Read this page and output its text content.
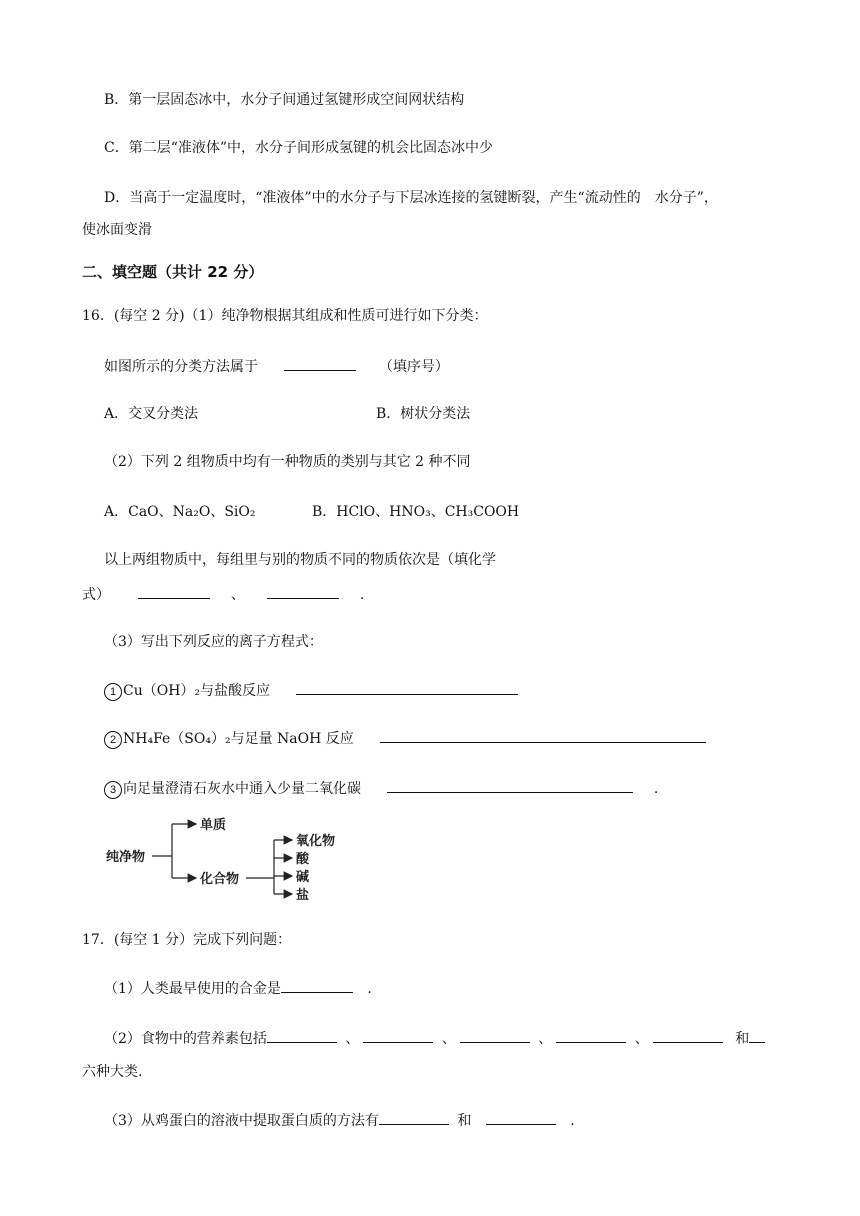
B．第一层固态冰中，水分子间通过氢键形成空间网状结构
C．第二层“准液体”中，水分子间形成氢键的机会比固态冰中少
D．当高于一定温度时，“准液体”中的水分子与下层冰连接的氢键断裂，产生“流动性的　水分子”，
使冰面变滑
二、填空题（共计 22 分）
16．(每空 2 分)（1）纯净物根据其组成和性质可进行如下分类：
如图所示的分类方法属于	（填序号）
A．交叉分类法	B．树状分类法
（2）下列 2 组物质中均有一种物质的类别与其它 2 种不同
A．CaO、Na₂O、SiO₂	B．HClO、HNO₃、CH₃COOH
以上两组物质中，每组里与别的物质不同的物质依次是（填化学
式）	、	.
（3）写出下列反应的离子方程式：
1 Cu（OH）₂与盐酸反应
2 NH₄Fe（SO₄）₂与足量 NaOH 反应
3 向足量澄清石灰水中通入少量二氧化碳	.
纯净物
单质
化合物
氧化物
酸
碱
盐
17．(每空 1 分）完成下列问题：
（1）人类最早使用的合金是	.
（2）食物中的营养素包括	、	、	、	、	和
六种大类.
（3）从鸡蛋白的溶液中提取蛋白质的方法有	和	.
